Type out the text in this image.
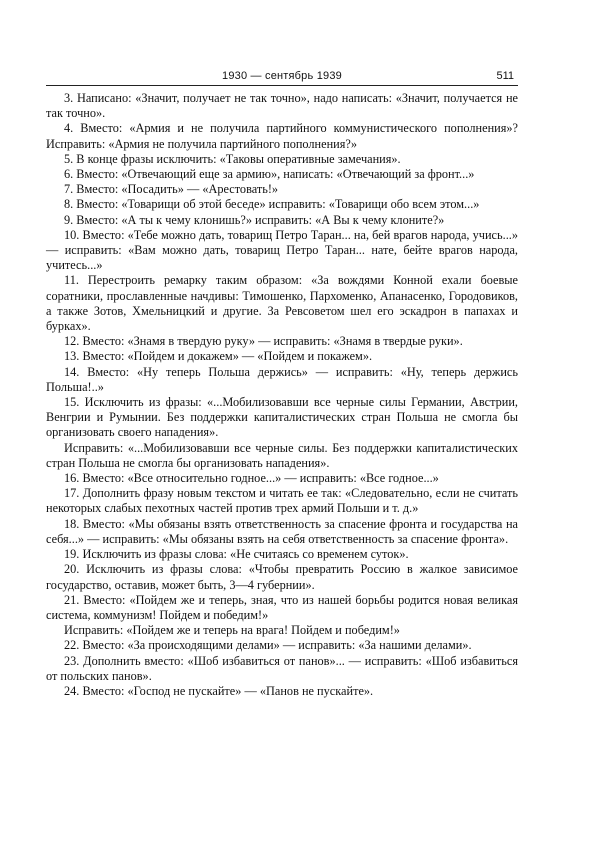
1930 — сентябрь 1939	511

3. Написано: «Значит, получает не так точно», надо написать: «Значит, получается не так точно».

4. Вместо: «Армия и не получила партийного коммунистического пополнения»? Исправить: «Армия не получила партийного пополнения?»

5. В конце фразы исключить: «Таковы оперативные замечания».

6. Вместо: «Отвечающий еще за армию», написать: «Отвечающий за фронт...»

7. Вместо: «Посадить» — «Арестовать!»

8. Вместо: «Товарищи об этой беседе» исправить: «Товарищи обо всем этом...»

9. Вместо: «А ты к чему клонишь?» исправить: «А Вы к чему клоните?»

10. Вместо: «Тебе можно дать, товарищ Петро Таран... на, бей врагов народа, учись...» — исправить: «Вам можно дать, товарищ Петро Таран... нате, бейте врагов народа, учитесь...»

11. Перестроить ремарку таким образом: «За вождями Конной ехали боевые соратники, прославленные начдивы: Тимошенко, Пархоменко, Апанасенко, Городовиков, а также Зотов, Хмельницкий и другие. За Ревсоветом шел его эскадрон в папахах и бурках».

12. Вместо: «Знамя в твердую руку» — исправить: «Знамя в твердые руки».

13. Вместо: «Пойдем и докажем» — «Пойдем и покажем».

14. Вместо: «Ну теперь Польша держись» — исправить: «Ну, теперь держись Польша!..»

15. Исключить из фразы: «...Мобилизовавши все черные силы Германии, Австрии, Венгрии и Румынии. Без поддержки капиталистических стран Польша не смогла бы организовать своего нападения».

Исправить: «...Мобилизовавши все черные силы. Без поддержки капиталистических стран Польша не смогла бы организовать нападения».

16. Вместо: «Все относительно годное...» — исправить: «Все годное...»

17. Дополнить фразу новым текстом и читать ее так: «Следовательно, если не считать некоторых слабых пехотных частей против трех армий Польши и т. д.»

18. Вместо: «Мы обязаны взять ответственность за спасение фронта и государства на себя...» — исправить: «Мы обязаны взять на себя ответственность за спасение фронта».

19. Исключить из фразы слова: «Не считаясь со временем суток».

20. Исключить из фразы слова: «Чтобы превратить Россию в жалкое зависимое государство, оставив, может быть, 3—4 губернии».

21. Вместо: «Пойдем же и теперь, зная, что из нашей борьбы родится новая великая система, коммунизм! Пойдем и победим!»

Исправить: «Пойдем же и теперь на врага! Пойдем и победим!»

22. Вместо: «За происходящими делами» — исправить: «За нашими делами».

23. Дополнить вместо: «Шоб избавиться от панов»... — исправить: «Шоб избавиться от польских панов».

24. Вместо: «Господ не пускайте» — «Панов не пускайте».
